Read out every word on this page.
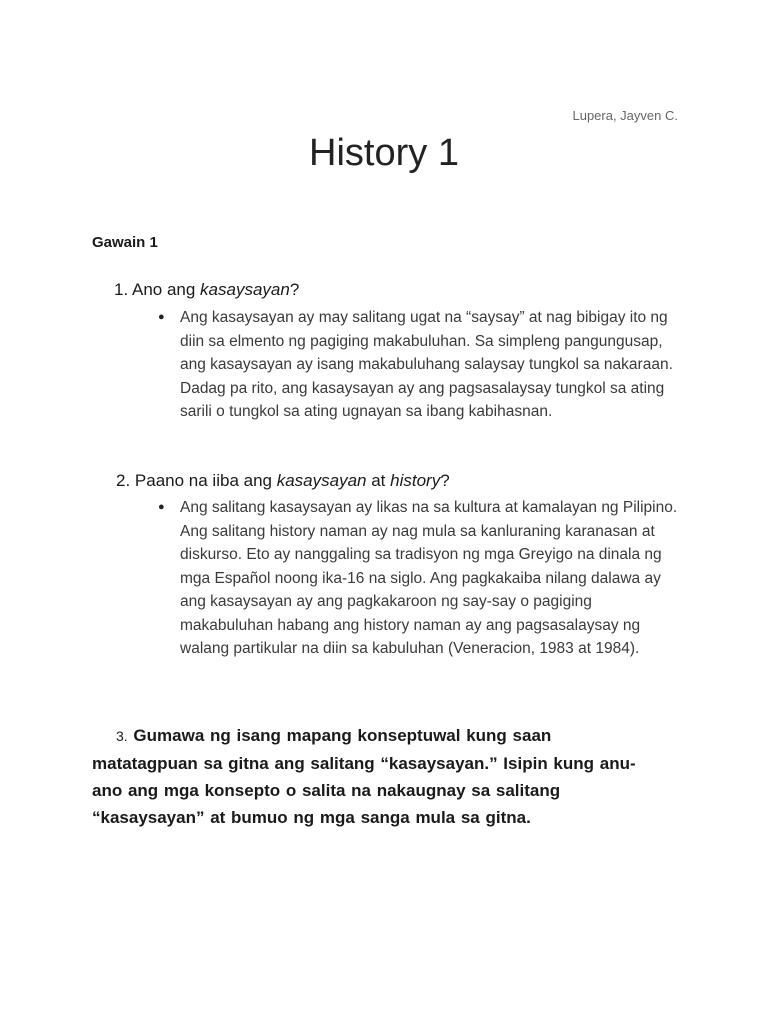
Lupera, Jayven C.
History 1
Gawain 1

1. Ano ang kasaysayan?

● Ang kasaysayan ay may salitang ugat na “saysay” at nag bibigay ito ng diin sa elmento ng pagiging makabuluhan. Sa simpleng pangungusap, ang kasaysayan ay isang makabuluhang salaysay tungkol sa nakaraan. Dadag pa rito, ang kasaysayan ay ang pagsasalaysay tungkol sa ating sarili o tungkol sa ating ugnayan sa ibang kabihasnan.

2. Paano na iiba ang kasaysayan at history?

● Ang salitang kasaysayan ay likas na sa kultura at kamalayan ng Pilipino. Ang salitang history naman ay nag mula sa kanluraning karanasan at diskurso. Eto ay nanggaling sa tradisyon ng mga Greyigo na dinala ng mga Español noong ika-16 na siglo. Ang pagkakaiba nilang dalawa ay ang kasaysayan ay ang pagkakaroon ng say-say o pagiging makabuluhan habang ang history naman ay ang pagsasalaysay ng walang partikular na diin sa kabuluhan (Veneracion, 1983 at 1984).

3. Gumawa ng isang mapang konseptuwal kung saan matatagpuan sa gitna ang salitang “kasaysayan.” Isipin kung anu-ano ang mga konsepto o salita na nakaugnay sa salitang “kasaysayan” at bumuo ng mga sanga mula sa gitna.
